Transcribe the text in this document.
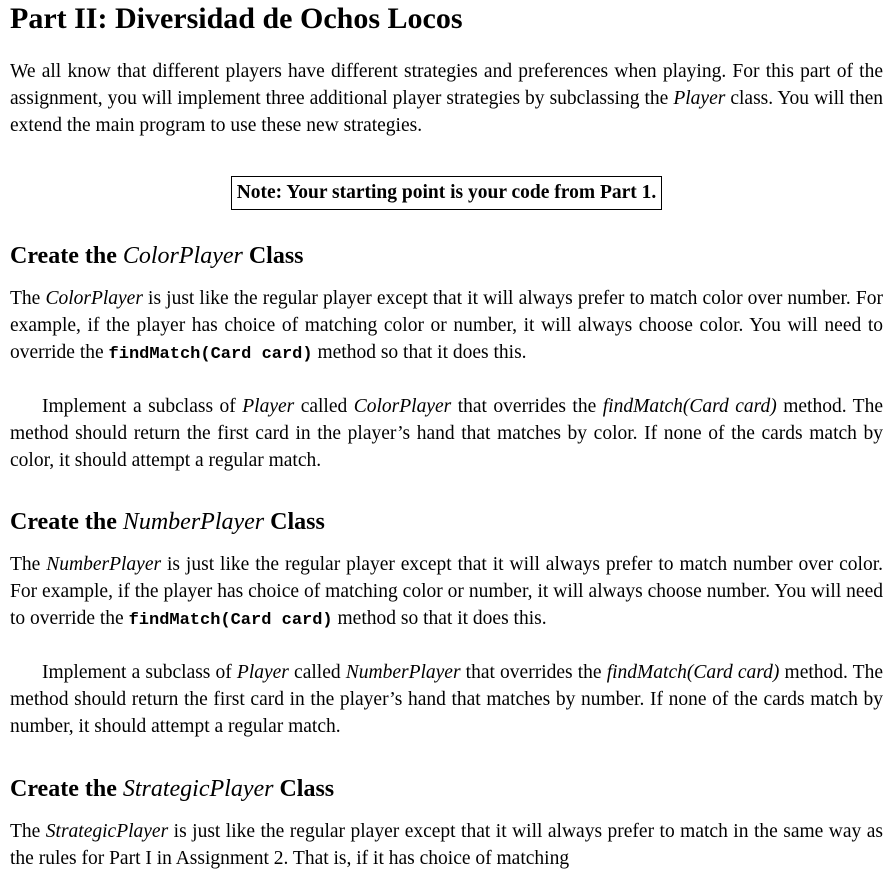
Part II: Diversidad de Ochos Locos

We all know that different players have different strategies and preferences when playing. For this part of the assignment, you will implement three additional player strategies by subclassing the Player class. You will then extend the main program to use these new strategies.

Note: Your starting point is your code from Part 1.
Create the ColorPlayer Class

The ColorPlayer is just like the regular player except that it will always prefer to match color over number. For example, if the player has choice of matching color or number, it will always choose color. You will need to override the findMatch(Card card) method so that it does this.

Implement a subclass of Player called ColorPlayer that overrides the findMatch(Card card) method. The method should return the first card in the player’s hand that matches by color. If none of the cards match by color, it should attempt a regular match.

Create the NumberPlayer Class

The NumberPlayer is just like the regular player except that it will always prefer to match number over color. For example, if the player has choice of matching color or number, it will always choose number. You will need to override the findMatch(Card card) method so that it does this.

Implement a subclass of Player called NumberPlayer that overrides the findMatch(Card card) method. The method should return the first card in the player’s hand that matches by number. If none of the cards match by number, it should attempt a regular match.

Create the StrategicPlayer Class

The StrategicPlayer is just like the regular player except that it will always prefer to match in the same way as the rules for Part I in Assignment 2. That is, if it has choice of matching
